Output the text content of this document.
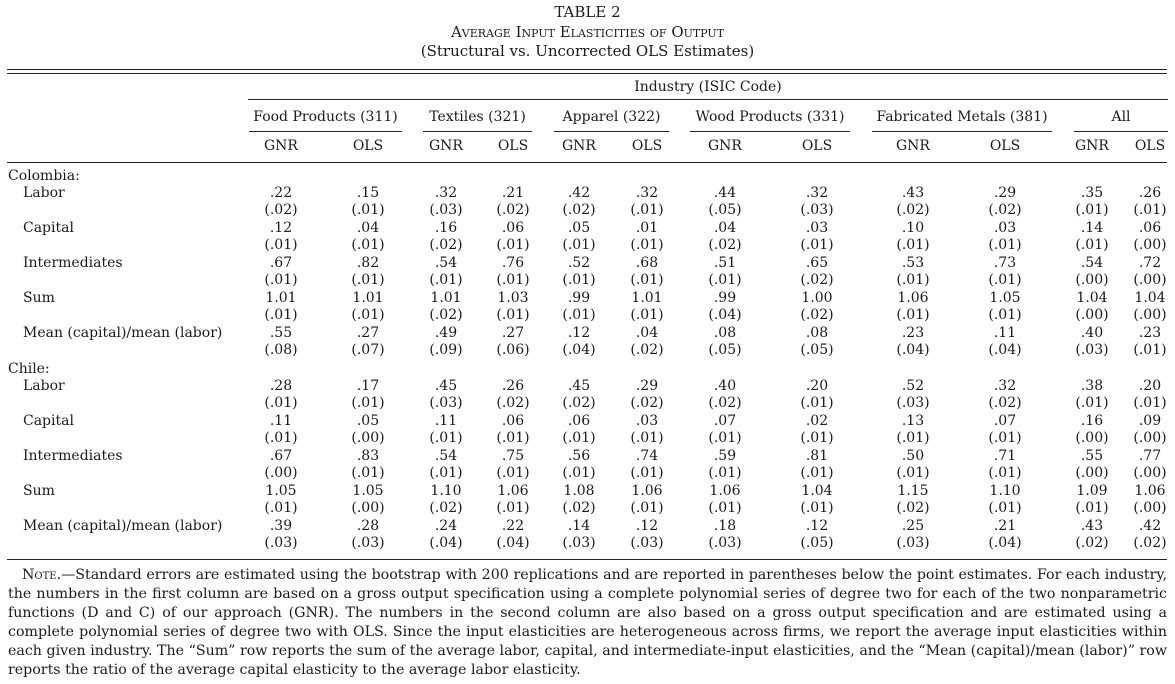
TABLE 2
Average Input Elasticities of Output
(Structural vs. Uncorrected OLS Estimates)
Industry (ISIC Code)
Food Products (311)	Textiles (321)	Apparel (322)	Wood Products (331)	Fabricated Metals (381)	All
GNR	OLS	GNR	OLS	GNR	OLS	GNR	OLS	GNR	OLS	GNR	OLS
Colombia:
Labor	.22	.15	.32	.21	.42	.32	.44	.32	.43	.29	.35	.26
(.02)	(.01)	(.03)	(.02)	(.02)	(.01)	(.05)	(.03)	(.02)	(.02)	(.01)	(.01)
Capital	.12	.04	.16	.06	.05	.01	.04	.03	.10	.03	.14	.06
(.01)	(.01)	(.02)	(.01)	(.01)	(.01)	(.02)	(.01)	(.01)	(.01)	(.01)	(.00)
Intermediates	.67	.82	.54	.76	.52	.68	.51	.65	.53	.73	.54	.72
(.01)	(.01)	(.01)	(.01)	(.01)	(.01)	(.01)	(.02)	(.01)	(.01)	(.00)	(.00)
Sum	1.01	1.01	1.01	1.03	.99	1.01	.99	1.00	1.06	1.05	1.04	1.04
(.01)	(.01)	(.02)	(.01)	(.01)	(.01)	(.04)	(.02)	(.01)	(.01)	(.00)	(.00)
Mean (capital)/mean (labor)	.55	.27	.49	.27	.12	.04	.08	.08	.23	.11	.40	.23
(.08)	(.07)	(.09)	(.06)	(.04)	(.02)	(.05)	(.05)	(.04)	(.04)	(.03)	(.01)
Chile:
Labor	.28	.17	.45	.26	.45	.29	.40	.20	.52	.32	.38	.20
(.01)	(.01)	(.03)	(.02)	(.02)	(.02)	(.02)	(.01)	(.03)	(.02)	(.01)	(.01)
Capital	.11	.05	.11	.06	.06	.03	.07	.02	.13	.07	.16	.09
(.01)	(.00)	(.01)	(.01)	(.01)	(.01)	(.01)	(.01)	(.01)	(.01)	(.00)	(.00)
Intermediates	.67	.83	.54	.75	.56	.74	.59	.81	.50	.71	.55	.77
(.00)	(.01)	(.01)	(.01)	(.01)	(.01)	(.01)	(.01)	(.01)	(.01)	(.00)	(.00)
Sum	1.05	1.05	1.10	1.06	1.08	1.06	1.06	1.04	1.15	1.10	1.09	1.06
(.01)	(.00)	(.02)	(.01)	(.02)	(.01)	(.01)	(.01)	(.02)	(.01)	(.01)	(.00)
Mean (capital)/mean (labor)	.39	.28	.24	.22	.14	.12	.18	.12	.25	.21	.43	.42
(.03)	(.03)	(.04)	(.04)	(.03)	(.03)	(.03)	(.05)	(.03)	(.04)	(.02)	(.02)
Note.—Standard errors are estimated using the bootstrap with 200 replications and are reported in parentheses below the point estimates. For each industry, the numbers in the first column are based on a gross output specification using a complete polynomial series of degree two for each of the two nonparametric functions (D and C) of our approach (GNR). The numbers in the second column are also based on a gross output specification and are estimated using a complete polynomial series of degree two with OLS. Since the input elasticities are heterogeneous across firms, we report the average input elasticities within each given industry. The “Sum” row reports the sum of the average labor, capital, and intermediate-input elasticities, and the “Mean (capital)/mean (labor)” row reports the ratio of the average capital elasticity to the average labor elasticity.
